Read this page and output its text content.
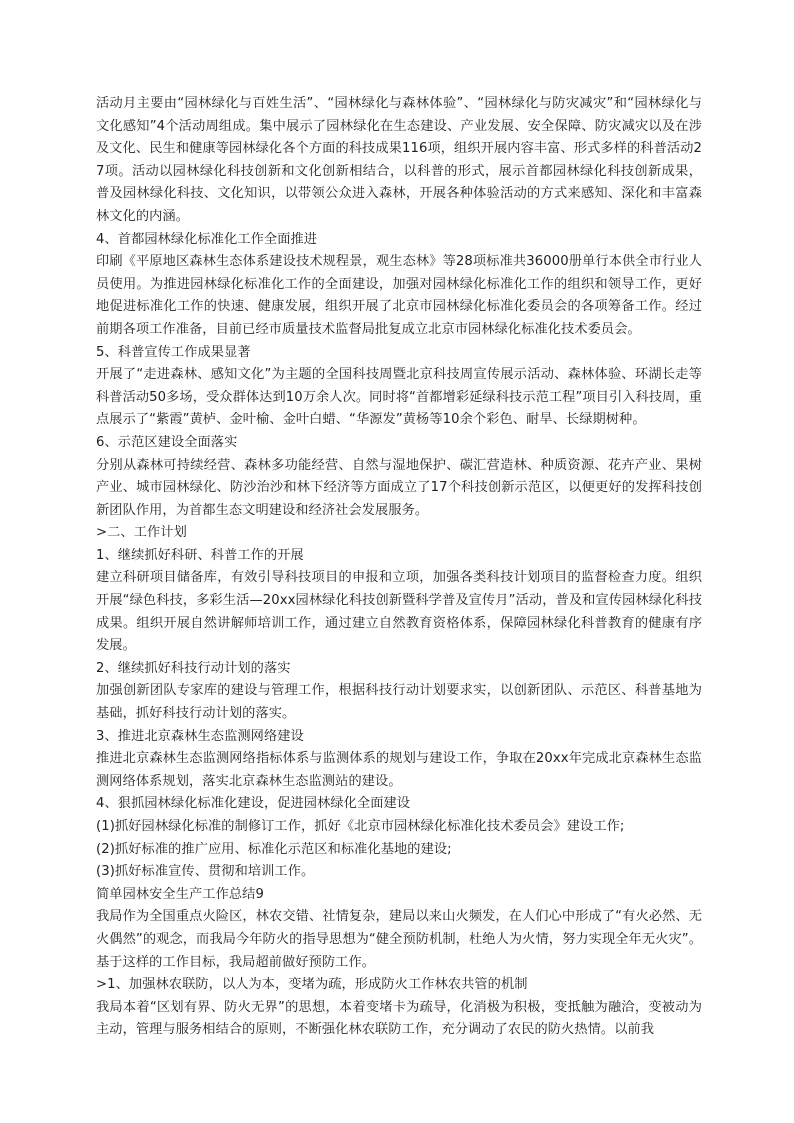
活动月主要由“园林绿化与百姓生活”、“园林绿化与森林体验”、“园林绿化与防灾减灾”和“园林绿化与文化感知”4个活动周组成。集中展示了园林绿化在生态建设、产业发展、安全保障、防灾减灾以及在涉及文化、民生和健康等园林绿化各个方面的科技成果116项，组织开展内容丰富、形式多样的科普活动27项。活动以园林绿化科技创新和文化创新相结合，以科普的形式，展示首都园林绿化科技创新成果，普及园林绿化科技、文化知识，以带领公众进入森林，开展各种体验活动的方式来感知、深化和丰富森林文化的内涵。

4、首都园林绿化标准化工作全面推进

印刷《平原地区森林生态体系建设技术规程景，观生态林》等28项标准共36000册单行本供全市行业人员使用。为推进园林绿化标准化工作的全面建设，加强对园林绿化标准化工作的组织和领导工作，更好地促进标准化工作的快速、健康发展，组织开展了北京市园林绿化标准化委员会的各项筹备工作。经过前期各项工作准备，目前已经市质量技术监督局批复成立北京市园林绿化标准化技术委员会。

5、科普宣传工作成果显著

开展了“走进森林、感知文化”为主题的全国科技周暨北京科技周宣传展示活动、森林体验、环湖长走等科普活动50多场，受众群体达到10万余人次。同时将“首都增彩延绿科技示范工程”项目引入科技周，重点展示了“紫霞”黄栌、金叶榆、金叶白蜡、“华源发”黄杨等10余个彩色、耐旱、长绿期树种。

6、示范区建设全面落实

分别从森林可持续经营、森林多功能经营、自然与湿地保护、碳汇营造林、种质资源、花卉产业、果树产业、城市园林绿化、防沙治沙和林下经济等方面成立了17个科技创新示范区，以便更好的发挥科技创新团队作用，为首都生态文明建设和经济社会发展服务。

>二、工作计划

1、继续抓好科研、科普工作的开展

建立科研项目储备库，有效引导科技项目的申报和立项，加强各类科技计划项目的监督检查力度。组织开展“绿色科技，多彩生活—20xx园林绿化科技创新暨科学普及宣传月”活动，普及和宣传园林绿化科技成果。组织开展自然讲解师培训工作，通过建立自然教育资格体系，保障园林绿化科普教育的健康有序发展。

2、继续抓好科技行动计划的落实

加强创新团队专家库的建设与管理工作，根据科技行动计划要求实，以创新团队、示范区、科普基地为基础，抓好科技行动计划的落实。

3、推进北京森林生态监测网络建设

推进北京森林生态监测网络指标体系与监测体系的规划与建设工作，争取在20xx年完成北京森林生态监测网络体系规划，落实北京森林生态监测站的建设。

4、狠抓园林绿化标准化建设，促进园林绿化全面建设

(1)抓好园林绿化标准的制修订工作，抓好《北京市园林绿化标准化技术委员会》建设工作;

(2)抓好标准的推广应用、标准化示范区和标准化基地的建设;

(3)抓好标准宣传、贯彻和培训工作。

简单园林安全生产工作总结9

我局作为全国重点火险区，林农交错、社情复杂，建局以来山火频发，在人们心中形成了“有火必然、无火偶然”的观念，而我局今年防火的指导思想为“健全预防机制，杜绝人为火情，努力实现全年无火灾”。基于这样的工作目标，我局超前做好预防工作。

>1、加强林农联防，以人为本，变堵为疏，形成防火工作林农共管的机制

我局本着“区划有界、防火无界”的思想，本着变堵卡为疏导，化消极为积极，变抵触为融洽，变被动为主动，管理与服务相结合的原则，不断强化林农联防工作，充分调动了农民的防火热情。以前我
